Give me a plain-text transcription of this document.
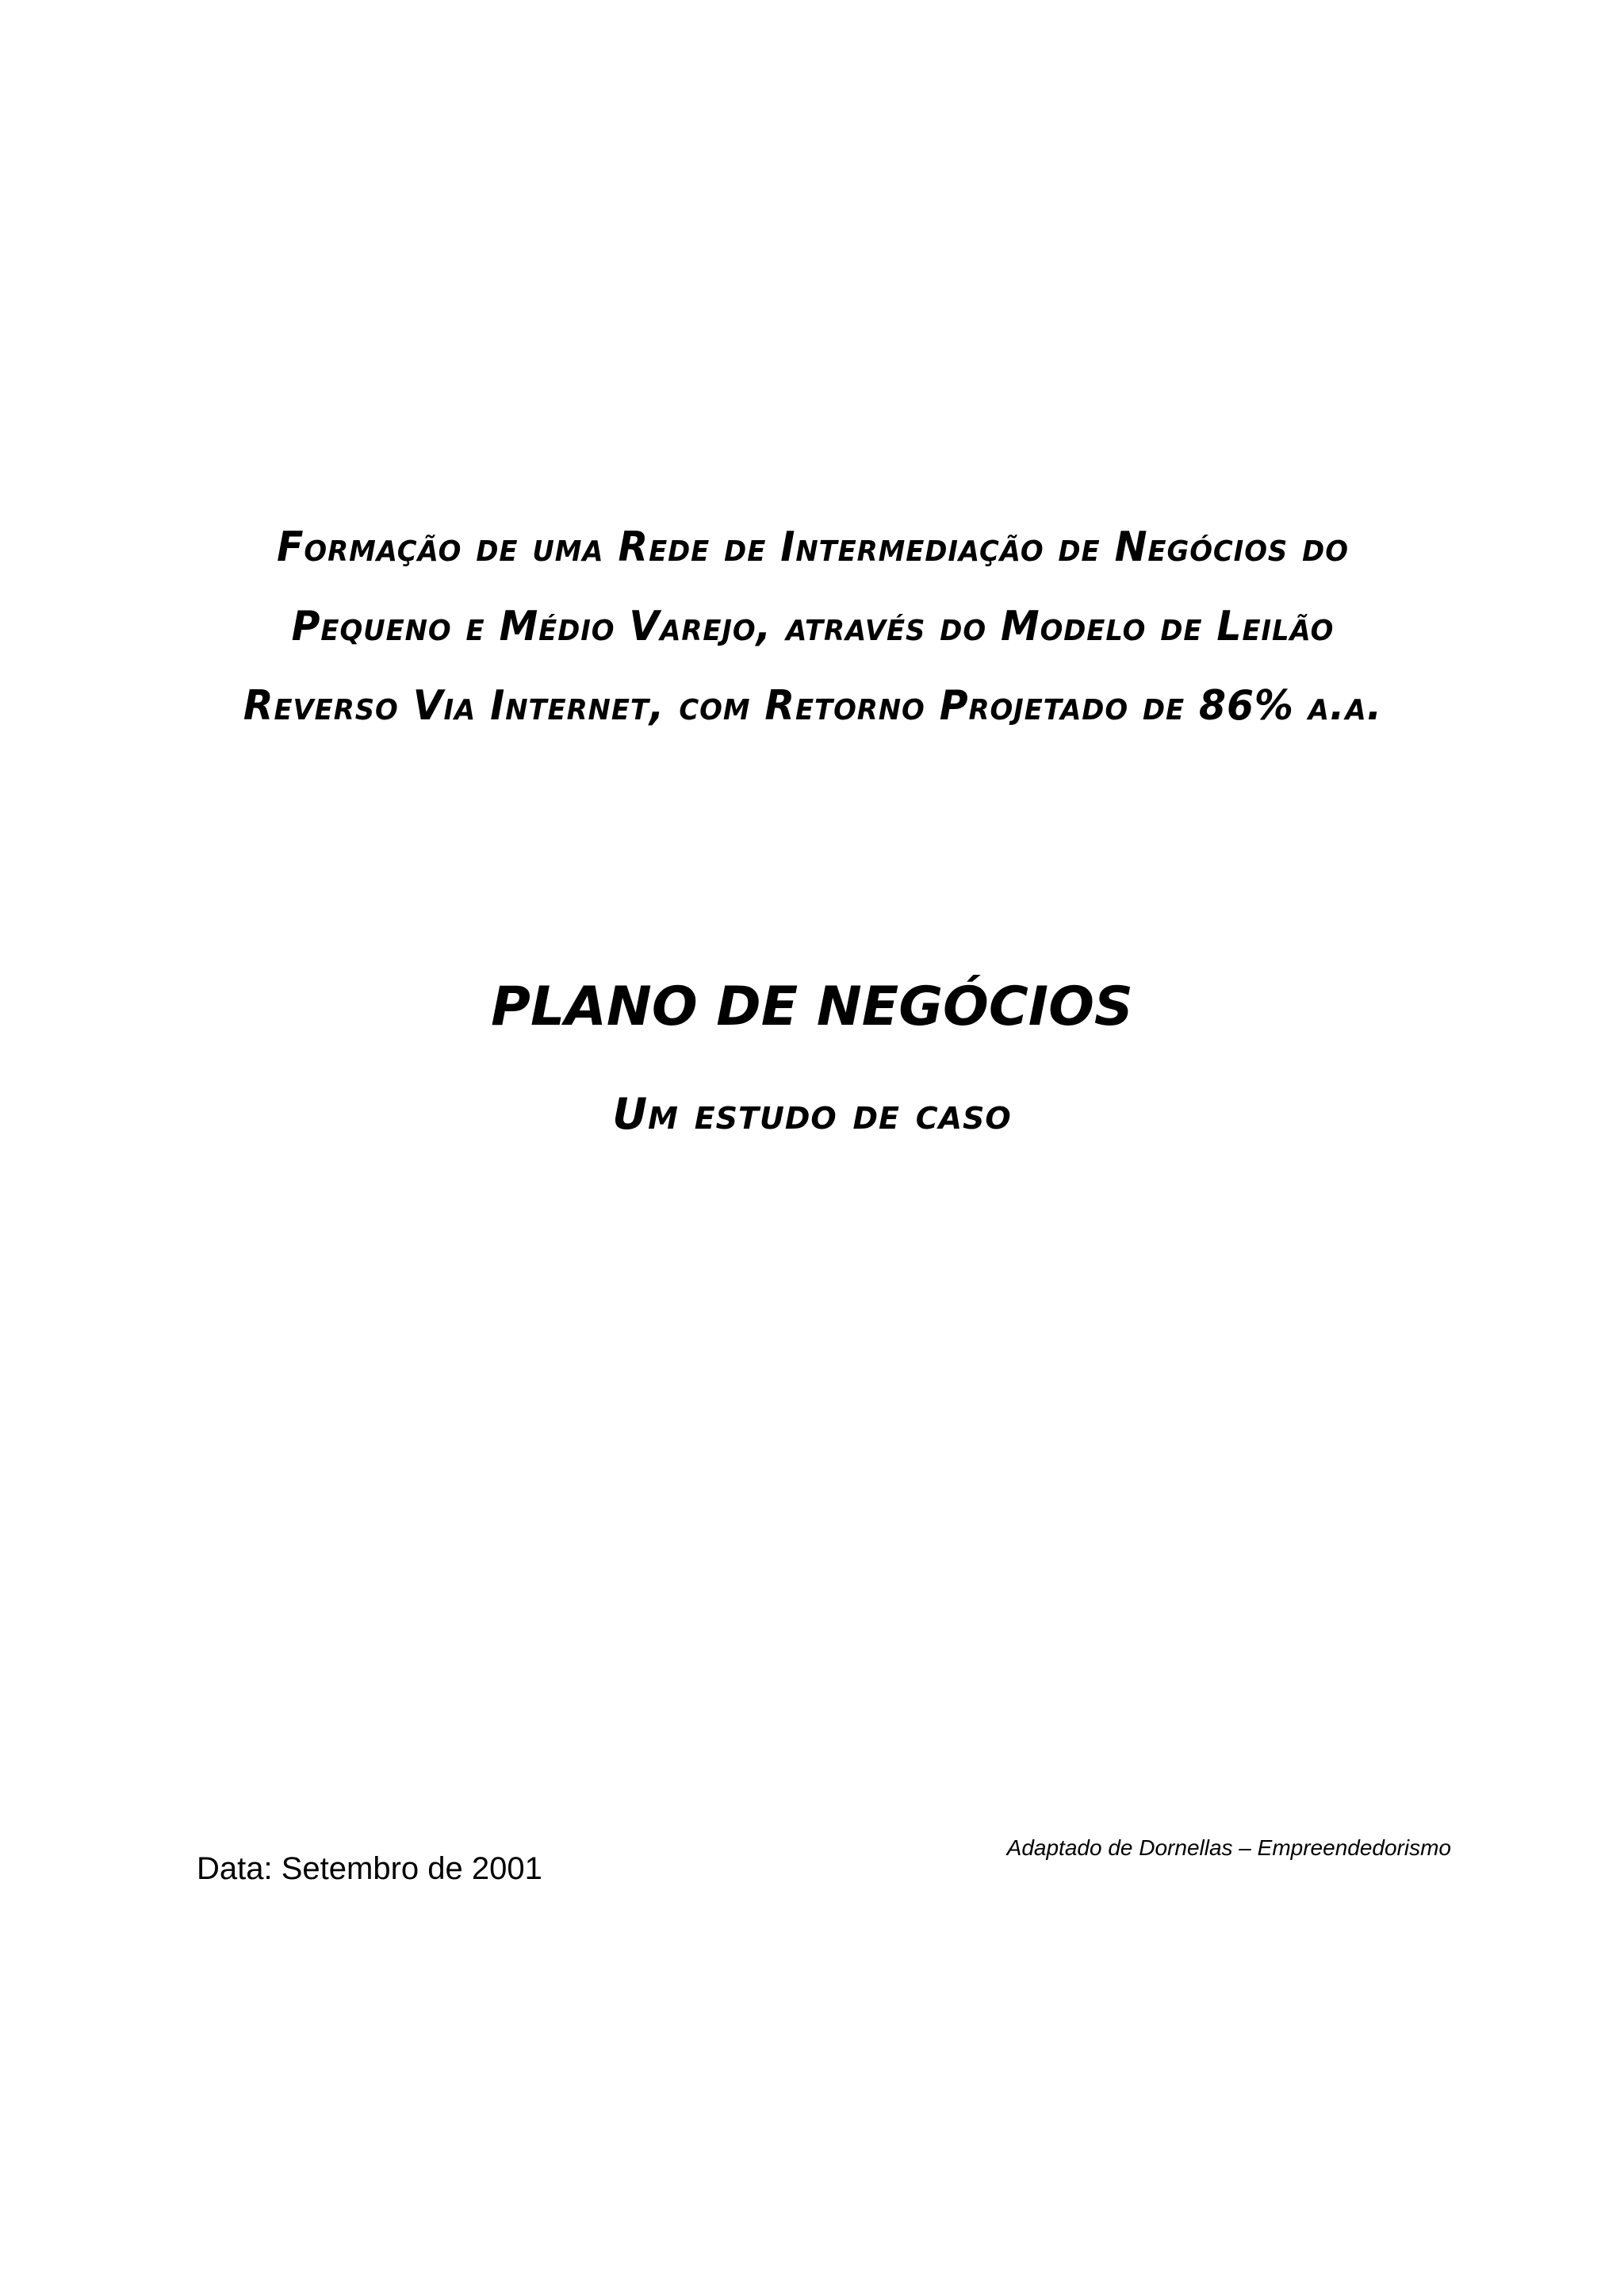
Formação de uma Rede de Intermediação de Negócios do
Pequeno e Médio Varejo, através do Modelo de Leilão
Reverso Via Internet, com Retorno Projetado de 86% a.a.
PLANO DE NEGÓCIOS
Um estudo de caso
Data: Setembro de 2001
Adaptado de Dornellas – Empreendedorismo
